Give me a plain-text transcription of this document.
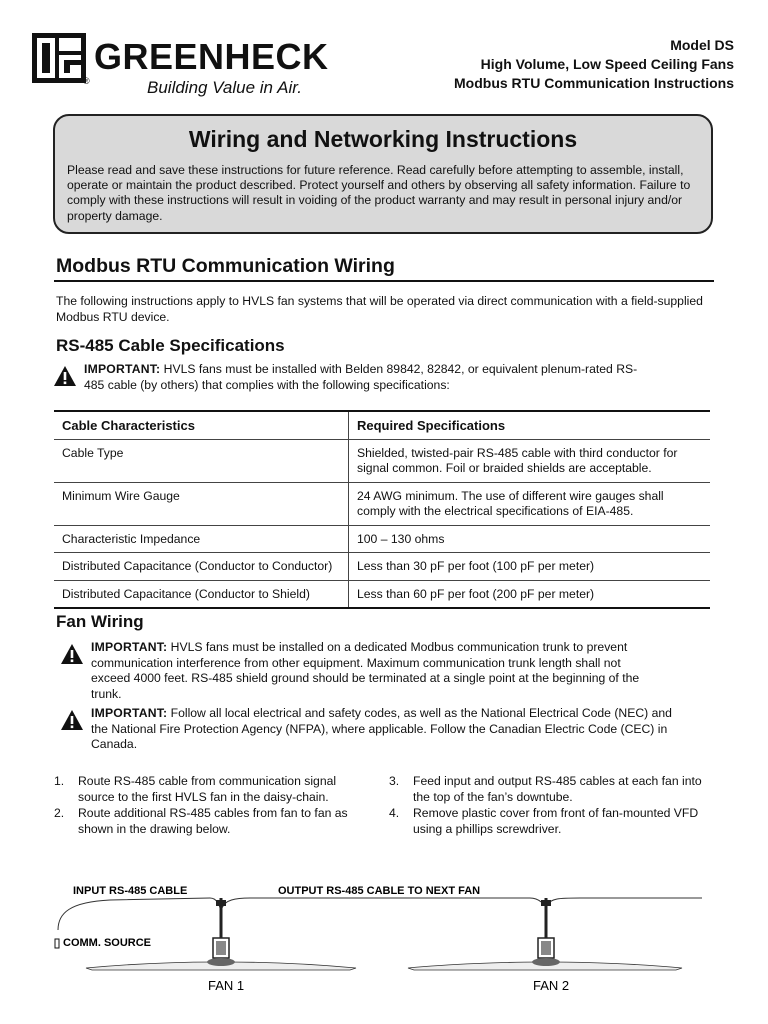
GREENHECK
®	Building Value in Air.
Model DS
High Volume, Low Speed Ceiling Fans
Modbus RTU Communication Instructions
Wiring and Networking Instructions
Please read and save these instructions for future reference. Read carefully before attempting to assemble, install, operate or maintain the product described. Protect yourself and others by observing all safety information. Failure to comply with these instructions will result in voiding of the product warranty and may result in personal injury and/or property damage.
Modbus RTU Communication Wiring
The following instructions apply to HVLS fan systems that will be operated via direct communication with a field-supplied Modbus RTU device.
RS-485 Cable Specifications
IMPORTANT: HVLS fans must be installed with Belden 89842, 82842, or equivalent plenum-rated RS-485 cable (by others) that complies with the following specifications:
Cable Characteristics	Required Specifications
Cable Type	Shielded, twisted-pair RS-485 cable with third conductor for signal common. Foil or braided shields are acceptable.
Minimum Wire Gauge	24 AWG minimum. The use of different wire gauges shall comply with the electrical specifications of EIA-485.
Characteristic Impedance	100 – 130 ohms
Distributed Capacitance (Conductor to Conductor)	Less than 30 pF per foot (100 pF per meter)
Distributed Capacitance (Conductor to Shield)	Less than 60 pF per foot (200 pF per meter)
Fan Wiring
IMPORTANT: HVLS fans must be installed on a dedicated Modbus communication trunk to prevent communication interference from other equipment. Maximum communication trunk length shall not exceed 4000 feet. RS-485 shield ground should be terminated at a single point at the beginning of the trunk.
IMPORTANT: Follow all local electrical and safety codes, as well as the National Electrical Code (NEC) and the National Fire Protection Agency (NFPA), where applicable. Follow the Canadian Electric Code (CEC) in Canada.
1. Route RS-485 cable from communication signal source to the first HVLS fan in the daisy-chain.
2. Route additional RS-485 cables from fan to fan as shown in the drawing below.
3. Feed input and output RS-485 cables at each fan into the top of the fan’s downtube.
4. Remove plastic cover from front of fan-mounted VFD using a phillips screwdriver.
INPUT RS-485 CABLE	OUTPUT RS-485 CABLE TO NEXT FAN
COMM. SOURCE
FAN 1	FAN 2
